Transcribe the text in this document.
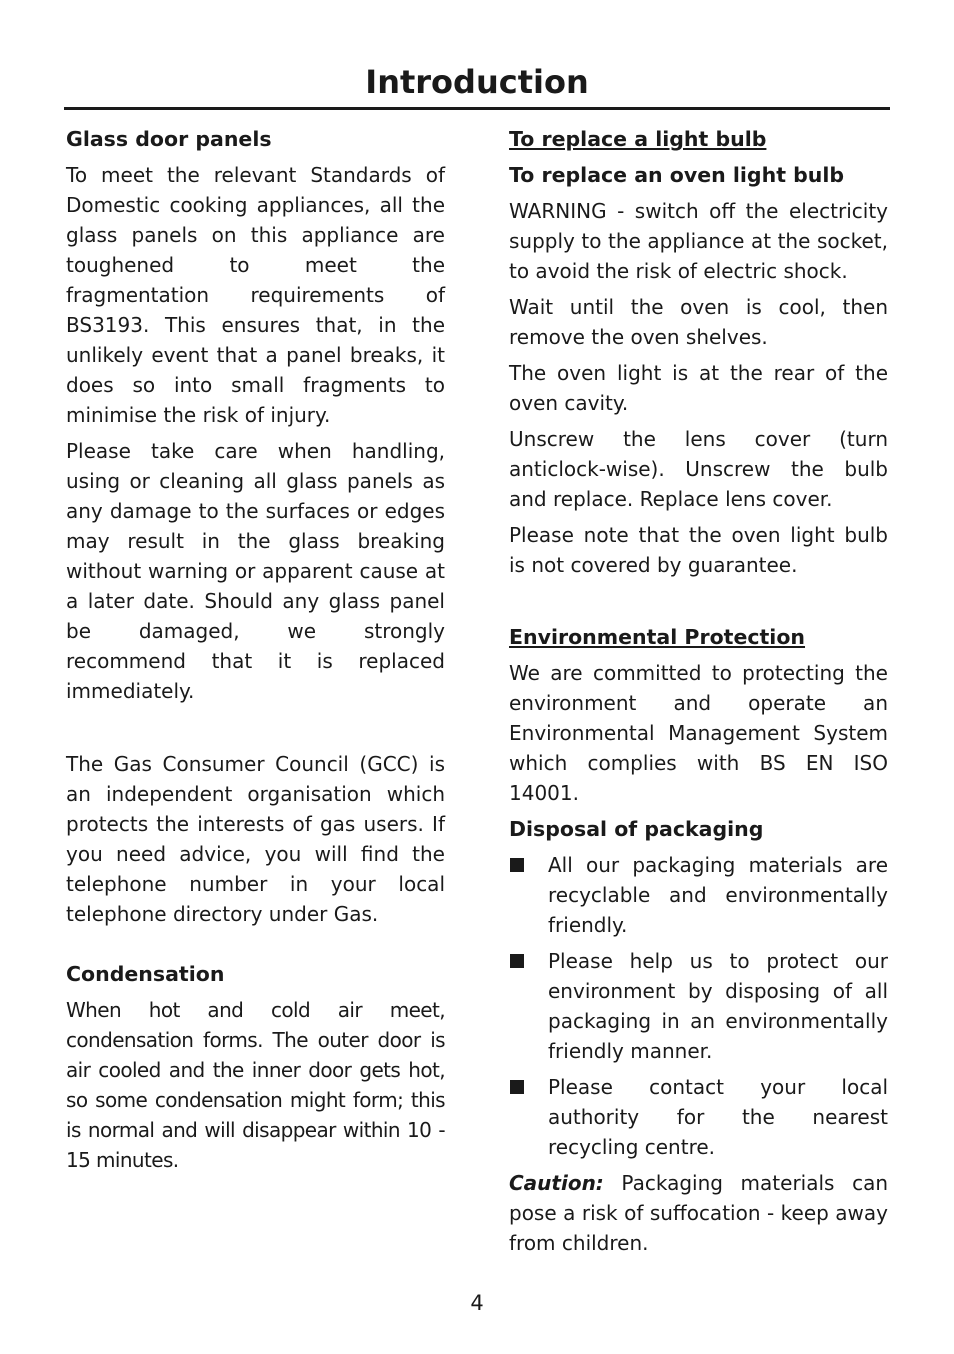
Introduction
Glass door panels

To meet the relevant Standards of Domestic cooking appliances, all the glass panels on this appliance are toughened to meet the fragmentation requirements of BS3193. This ensures that, in the unlikely event that a panel breaks, it does so into small fragments to minimise the risk of injury.

Please take care when handling, using or cleaning all glass panels as any damage to the surfaces or edges may result in the glass breaking without warning or apparent cause at a later date. Should any glass panel be damaged, we strongly recommend that it is replaced immediately.

The Gas Consumer Council (GCC) is an independent organisation which protects the interests of gas users. If you need advice, you will find the telephone number in your local telephone directory under Gas.

Condensation

When hot and cold air meet, condensation forms. The outer door is air cooled and the inner door gets hot, so some condensation might form; this is normal and will disappear within 10 - 15 minutes.

To replace a light bulb
To replace an oven light bulb

WARNING - switch off the electricity supply to the appliance at the socket, to avoid the risk of electric shock.

Wait until the oven is cool, then remove the oven shelves.

The oven light is at the rear of the oven cavity.

Unscrew the lens cover (turn anticlock-wise). Unscrew the bulb and replace. Replace lens cover.

Please note that the oven light bulb is not covered by guarantee.

Environmental Protection

We are committed to protecting the environment and operate an Environmental Management System which complies with BS EN ISO 14001.

Disposal of packaging
All our packaging materials are recyclable and environmentally friendly.
Please help us to protect our environment by disposing of all packaging in an environmentally friendly manner.
Please contact your local authority for the nearest recycling centre.

Caution: Packaging materials can pose a risk of suffocation - keep away from children.

4
